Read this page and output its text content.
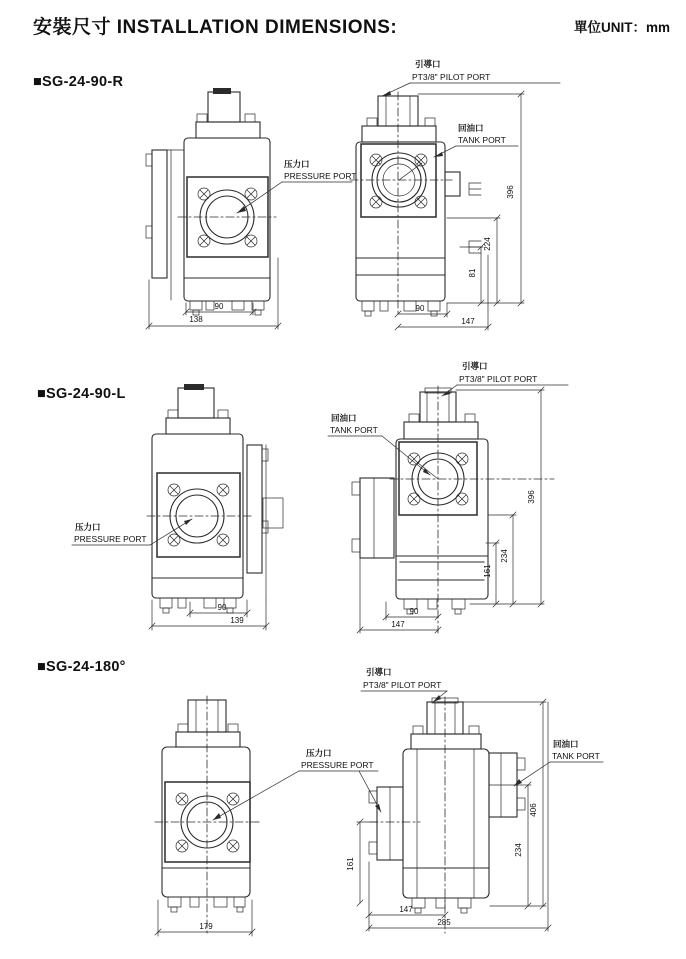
安裝尺寸 INSTALLATION DIMENSIONS:	單位UNIT：mm
■SG-24-90-R
■SG-24-90-L
■SG-24-180°
压力口
PRESSURE PORT
引導口
PT3/8" PILOT PORT
回油口
TANK PORT
90
138
396
224
81
90
147
压力口
PRESSURE PORT
引導口
PT3/8" PILOT PORT
回油口
TANK PORT
90
139
396
234
161
90
147
压力口
PRESSURE PORT
引導口
PT3/8" PILOT PORT
回油口
TANK PORT
179
406
234
161
147
285
